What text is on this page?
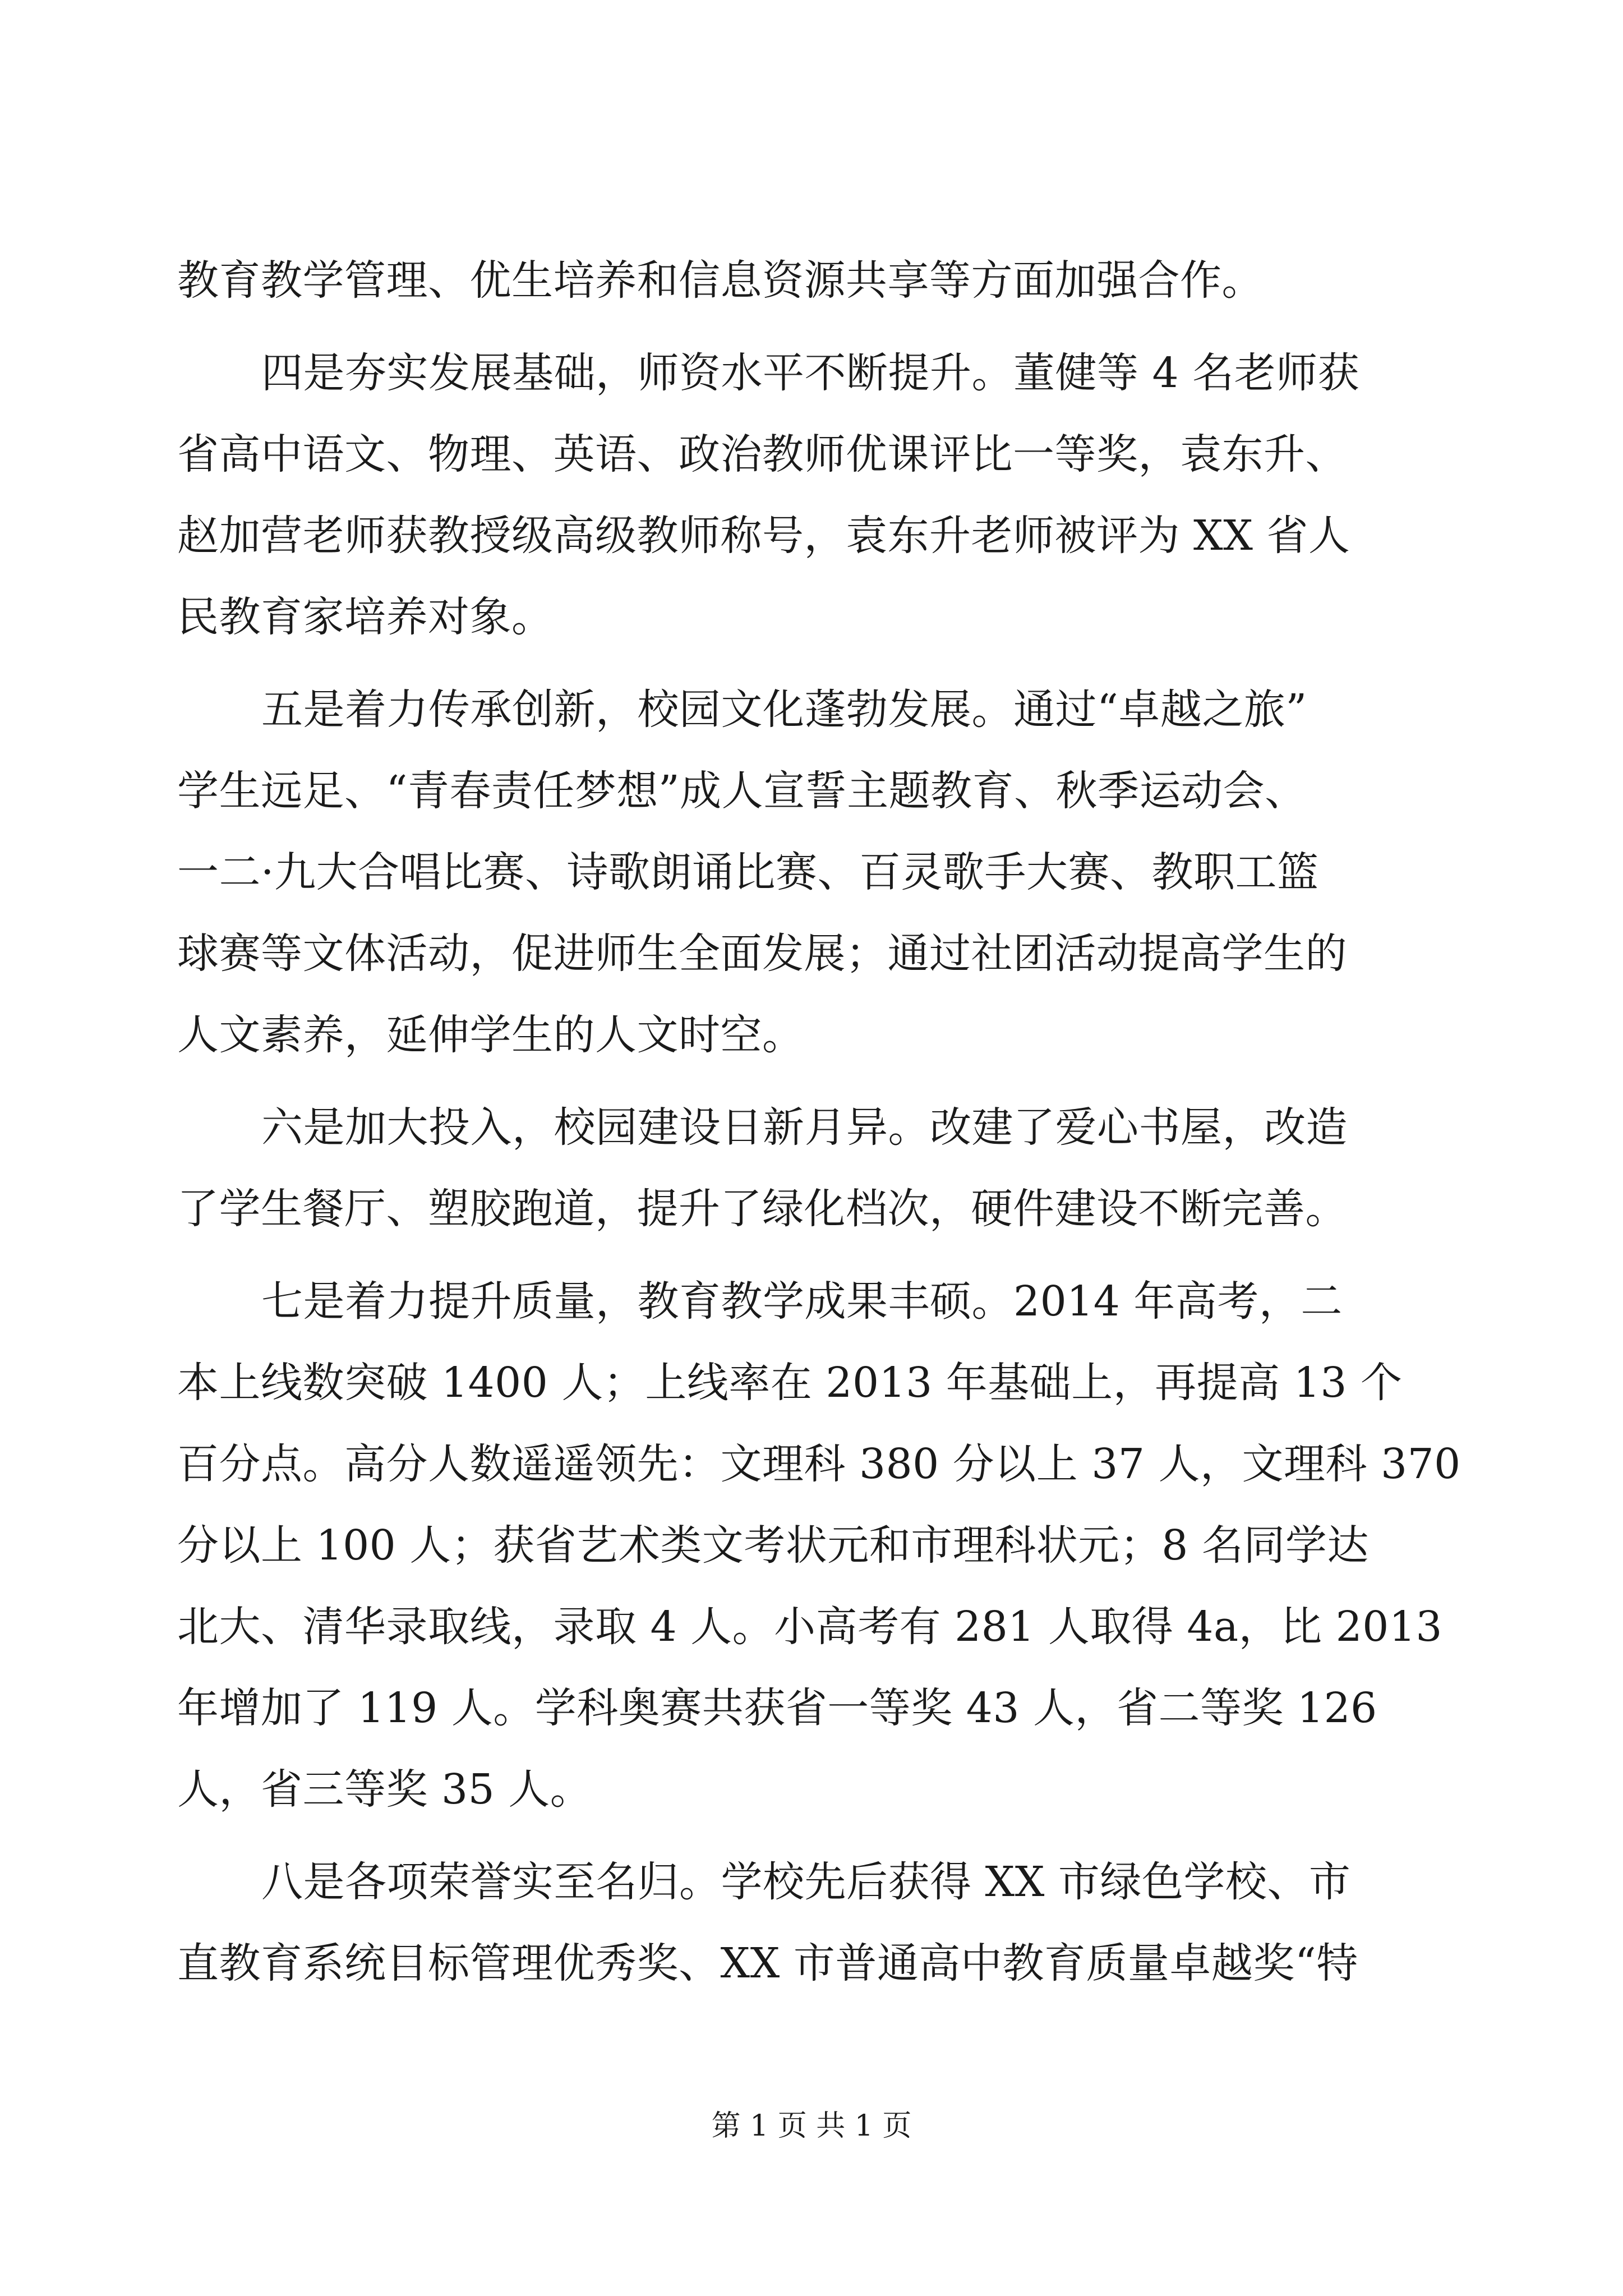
教育教学管理、优生培养和信息资源共享等方面加强合作。
四是夯实发展基础，师资水平不断提升。董健等 4 名老师获
省高中语文、物理、英语、政治教师优课评比一等奖，袁东升、
赵加营老师获教授级高级教师称号，袁东升老师被评为 XX 省人
民教育家培养对象。
五是着力传承创新，校园文化蓬勃发展。通过“卓越之旅”
学生远足、“青春责任梦想”成人宣誓主题教育、秋季运动会、
一二·九大合唱比赛、诗歌朗诵比赛、百灵歌手大赛、教职工篮
球赛等文体活动，促进师生全面发展；通过社团活动提高学生的
人文素养，延伸学生的人文时空。
六是加大投入，校园建设日新月异。改建了爱心书屋，改造
了学生餐厅、塑胶跑道，提升了绿化档次，硬件建设不断完善。
七是着力提升质量，教育教学成果丰硕。2014 年高考，二
本上线数突破 1400 人；上线率在 2013 年基础上，再提高 13 个
百分点。高分人数遥遥领先：文理科 380 分以上 37 人，文理科 370
分以上 100 人；获省艺术类文考状元和市理科状元；8 名同学达
北大、清华录取线，录取 4 人。小高考有 281 人取得 4a，比 2013
年增加了 119 人。学科奥赛共获省一等奖 43 人，省二等奖 126
人，省三等奖 35 人。
八是各项荣誉实至名归。学校先后获得 XX 市绿色学校、市
直教育系统目标管理优秀奖、XX 市普通高中教育质量卓越奖“特
第 1 页 共 1 页
